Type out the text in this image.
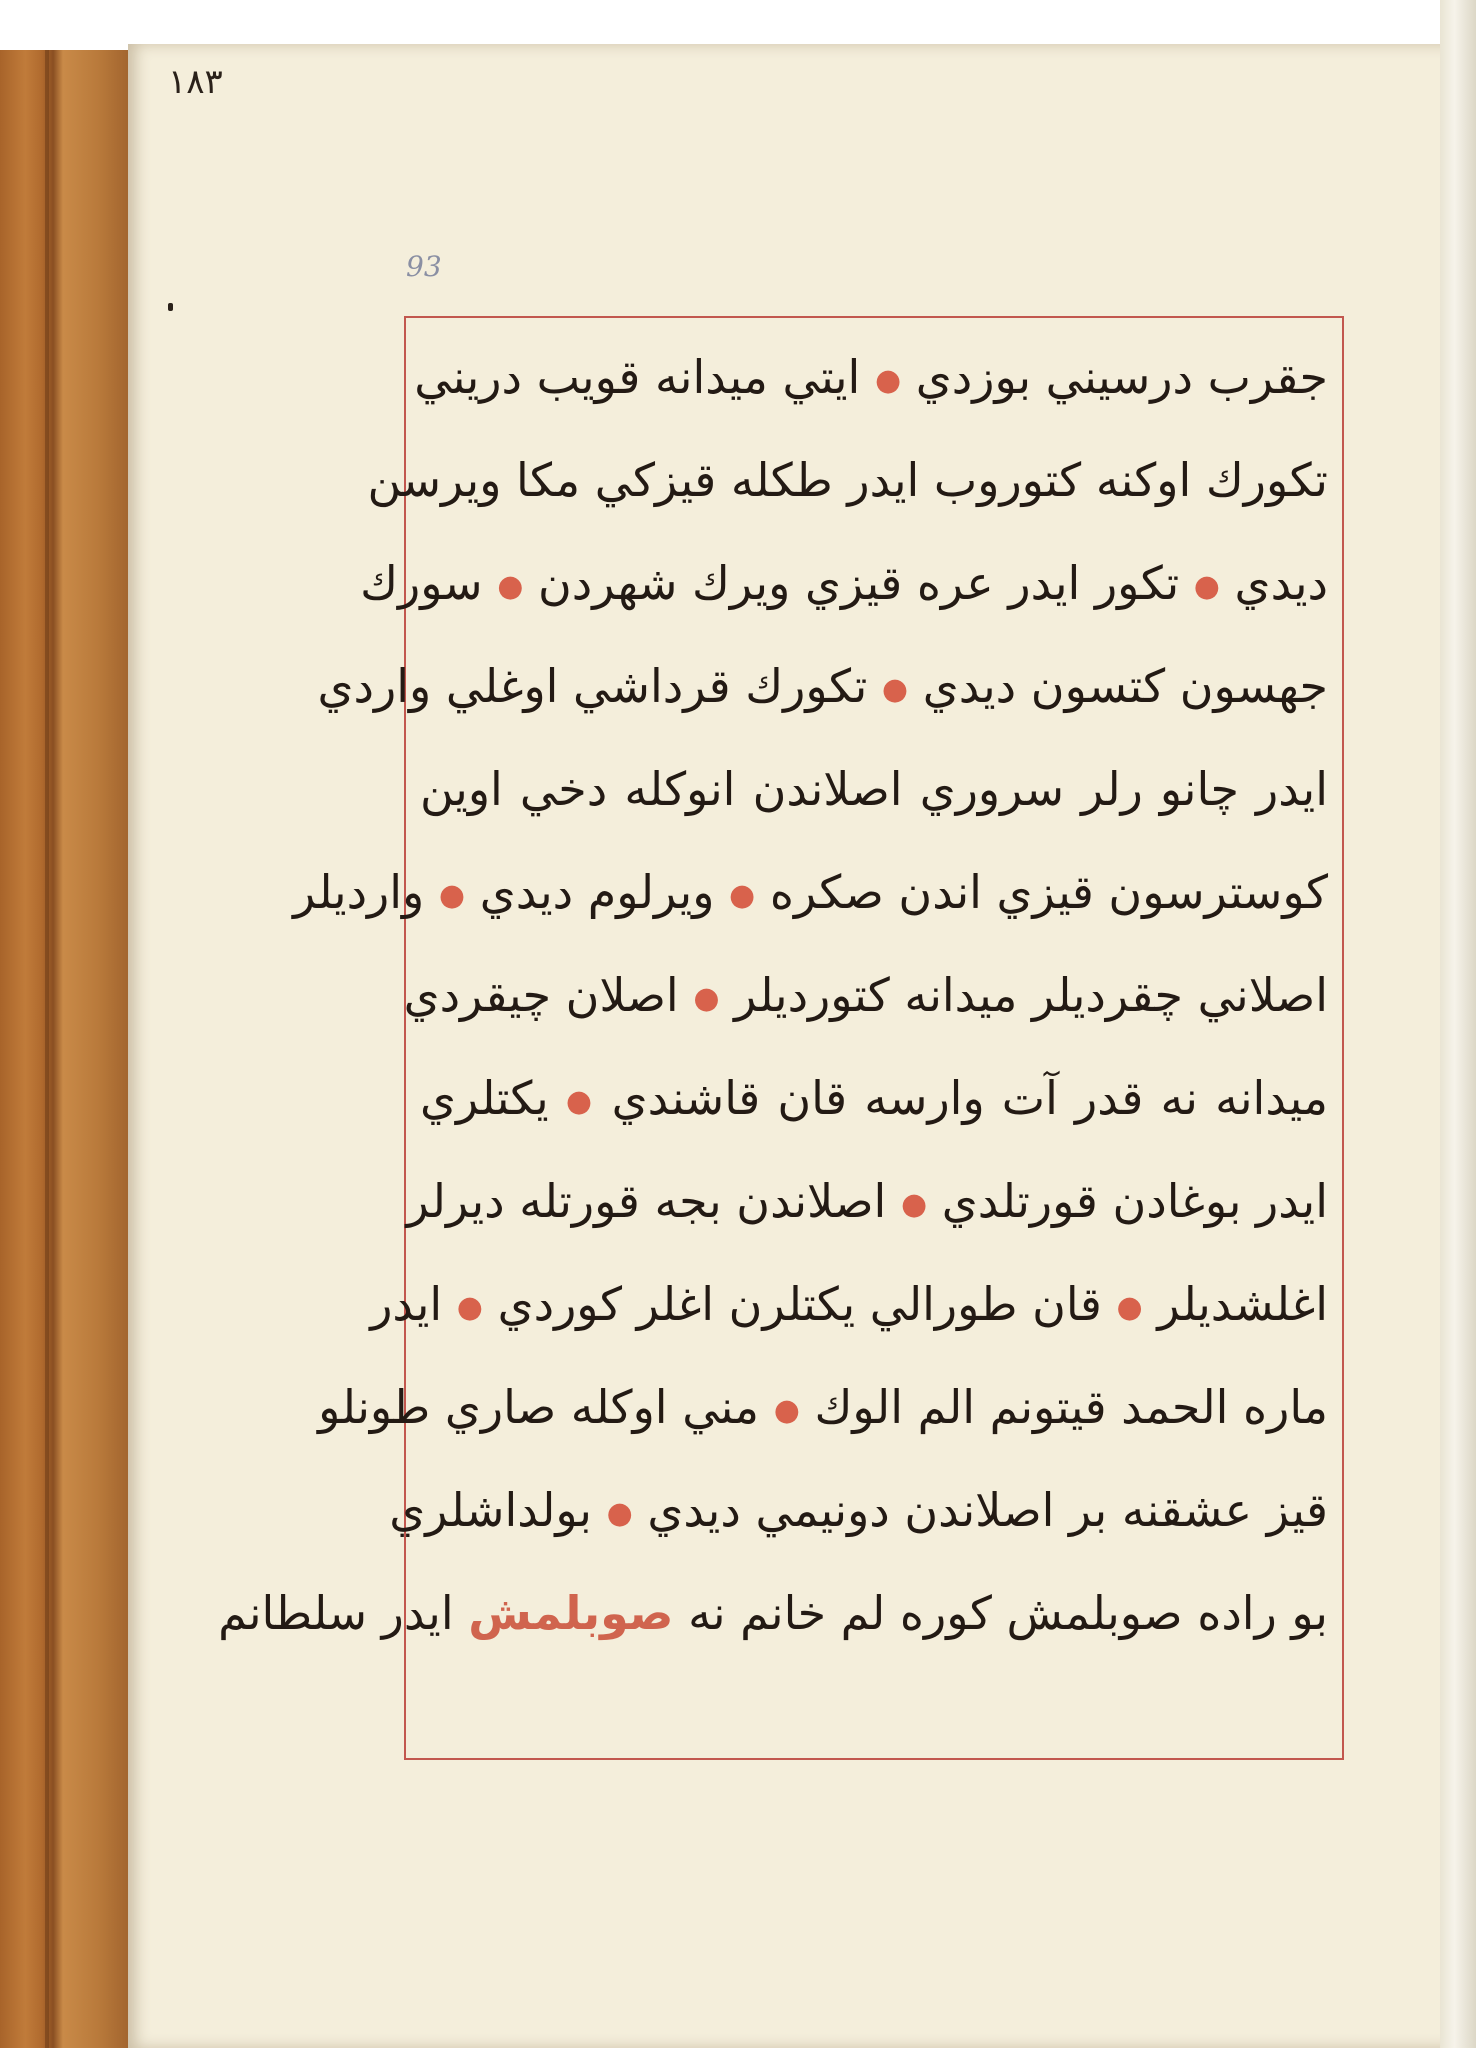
١٨٣
93
جقرب درسيني بوزدي ● ايتي ميدانه قويب دريني
تكورك اوكنه كتوروب ايدر طكله قيزكي مكا ويرسن
ديدي ● تكور ايدر عره قيزي ويرك شهردن ● سورك
جهسون كتسون ديدي ● تكورك قرداشي اوغلي واردي
ايدر چانو رلر سروري اصلاندن انوكله دخي اوين
كوسترسون قيزي اندن صكره ● ويرلوم ديدي ● واردیلر
اصلاني چقردیلر ميدانه كتوردیلر ● اصلان چيقردي
ميدانه نه قدر آت وارسه قان قاشندي ● يكتلري
ايدر بوغادن قورتلدي ● اصلاندن بجه قورتله ديرلر
اغلشدیلر ● قان طورالي يكتلرن اغلر كوردي ● ايدر
ماره الحمد قيتونم الم الوك ● مني اوكله صاري طونلو
قيز عشقنه بر اصلاندن دونيمي ديدي ● بولداشلري
بو راده صوبلمش كوره لم خانم نه صوبلمش ايدر سلطانم
